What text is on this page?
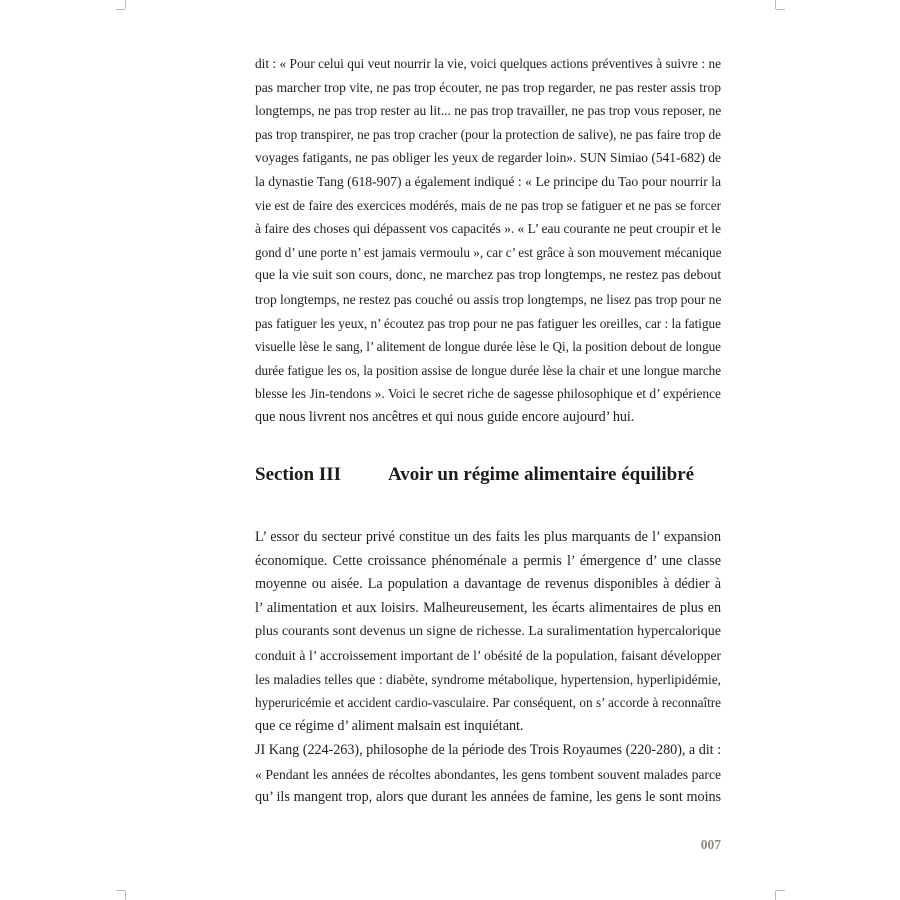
dit : « Pour celui qui veut nourrir la vie, voici quelques actions préventives à suivre : ne
pas marcher trop vite, ne pas trop écouter, ne pas trop regarder, ne pas rester assis trop
longtemps, ne pas trop rester au lit... ne pas trop travailler, ne pas trop vous reposer, ne
pas trop transpirer, ne pas trop cracher (pour la protection de salive), ne pas faire trop de
voyages fatigants, ne pas obliger les yeux de regarder loin». SUN Simiao (541-682) de
la dynastie Tang (618-907) a également indiqué : « Le principe du Tao pour nourrir la
vie est de faire des exercices modérés, mais de ne pas trop se fatiguer et ne pas se forcer
à faire des choses qui dépassent vos capacités ». « L’ eau courante ne peut croupir et le
gond d’ une porte n’ est jamais vermoulu », car c’ est grâce à son mouvement mécanique
que la vie suit son cours, donc, ne marchez pas trop longtemps, ne restez pas debout
trop longtemps, ne restez pas couché ou assis trop longtemps, ne lisez pas trop pour ne
pas fatiguer les yeux, n’ écoutez pas trop pour ne pas fatiguer les oreilles, car : la fatigue
visuelle lèse le sang, l’ alitement de longue durée lèse le Qi, la position debout de longue
durée fatigue les os, la position assise de longue durée lèse la chair et une longue marche
blesse les Jin-tendons ». Voici le secret riche de sagesse philosophique et d’ expérience
que nous livrent nos ancêtres et qui nous guide encore aujourd’ hui.
Section III Avoir un régime alimentaire équilibré
L’ essor du secteur privé constitue un des faits les plus marquants de l’ expansion
économique. Cette croissance phénoménale a permis l’ émergence d’ une classe
moyenne ou aisée. La population a davantage de revenus disponibles à dédier à
l’ alimentation et aux loisirs. Malheureusement, les écarts alimentaires de plus en
plus courants sont devenus un signe de richesse. La suralimentation hypercalorique
conduit à l’ accroissement important de l’ obésité de la population, faisant développer
les maladies telles que : diabète, syndrome métabolique, hypertension, hyperlipidémie,
hyperuricémie et accident cardio-vasculaire. Par conséquent, on s’ accorde à reconnaître
que ce régime d’ aliment malsain est inquiétant.
JI Kang (224-263), philosophe de la période des Trois Royaumes (220-280), a dit :
« Pendant les années de récoltes abondantes, les gens tombent souvent malades parce
qu’ ils mangent trop, alors que durant les années de famine, les gens le sont moins
007
